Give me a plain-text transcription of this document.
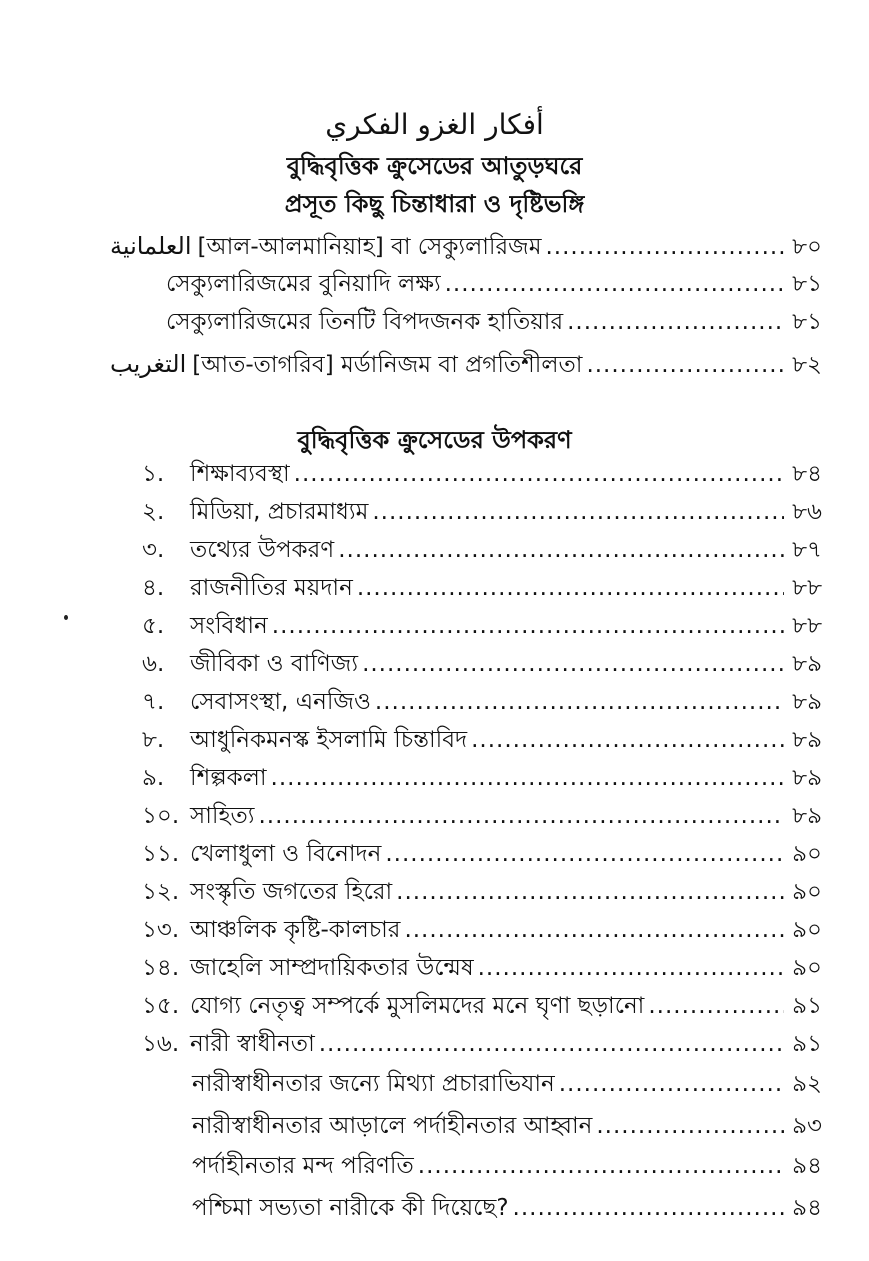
أفكار الغزو الفكري
বুদ্ধিবৃত্তিক ক্রুসেডের আতুড়ঘরে
প্রসূত কিছু চিন্তাধারা ও দৃষ্টিভঙ্গি
العلمانية [আল-আলমানিয়াহ] বা সেক্যুলারিজম .....	৮০
সেক্যুলারিজমের বুনিয়াদি লক্ষ্য .....	৮১
সেক্যুলারিজমের তিনটি বিপদজনক হাতিয়ার .....	৮১
التغريب [আত-তাগরিব] মর্ডানিজম বা প্রগতিশীলতা .....	৮২
বুদ্ধিবৃত্তিক ক্রুসেডের উপকরণ
১.	শিক্ষাব্যবস্থা .....	৮৪
২.	মিডিয়া, প্রচারমাধ্যম .....	৮৬
৩.	তথ্যের উপকরণ .....	৮৭
৪.	রাজনীতির ময়দান .....	৮৮
৫.	সংবিধান .....	৮৮
৬.	জীবিকা ও বাণিজ্য .....	৮৯
৭.	সেবাসংস্থা, এনজিও .....	৮৯
৮.	আধুনিকমনস্ক ইসলামি চিন্তাবিদ .....	৮৯
৯.	শিল্পকলা .....	৮৯
১০. সাহিত্য .....	৮৯
১১. খেলাধুলা ও বিনোদন .....	৯০
১২. সংস্কৃতি জগতের হিরো .....	৯০
১৩. আঞ্চলিক কৃষ্টি-কালচার .....	৯০
১৪. জাহেলি সাম্প্রদায়িকতার উন্মেষ .....	৯০
১৫. যোগ্য নেতৃত্ব সম্পর্কে মুসলিমদের মনে ঘৃণা ছড়ানো .....	৯১
১৬. নারী স্বাধীনতা .....	৯১
নারীস্বাধীনতার জন্যে মিথ্যা প্রচারাভিযান .....	৯২
নারীস্বাধীনতার আড়ালে পর্দাহীনতার আহ্বান .....	৯৩
পর্দাহীনতার মন্দ পরিণতি .....	৯৪
পশ্চিমা সভ্যতা নারীকে কী দিয়েছে? .....	৯৪
